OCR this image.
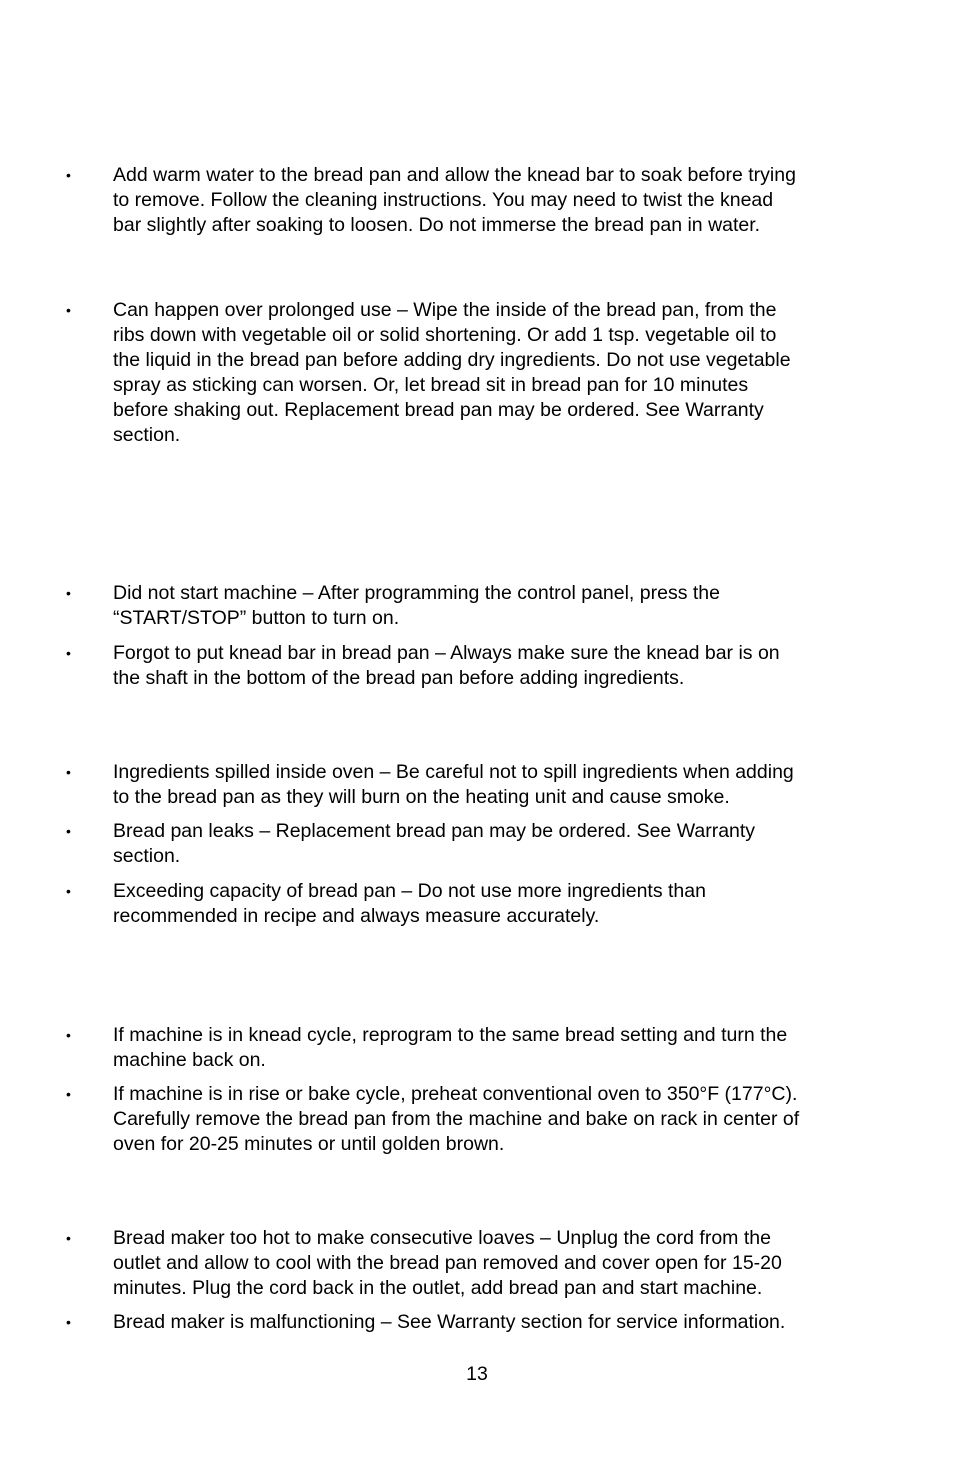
• Add warm water to the bread pan and allow the knead bar to soak before trying
to remove. Follow the cleaning instructions. You may need to twist the knead
bar slightly after soaking to loosen. Do not immerse the bread pan in water.
• Can happen over prolonged use – Wipe the inside of the bread pan, from the
ribs down with vegetable oil or solid shortening. Or add 1 tsp. vegetable oil to
the liquid in the bread pan before adding dry ingredients. Do not use vegetable
spray as sticking can worsen. Or, let bread sit in bread pan for 10 minutes
before shaking out. Replacement bread pan may be ordered. See Warranty
section.
• Did not start machine – After programming the control panel, press the
“START/STOP” button to turn on.
• Forgot to put knead bar in bread pan – Always make sure the knead bar is on
the shaft in the bottom of the bread pan before adding ingredients.
• Ingredients spilled inside oven – Be careful not to spill ingredients when adding
to the bread pan as they will burn on the heating unit and cause smoke.
• Bread pan leaks – Replacement bread pan may be ordered. See Warranty
section.
• Exceeding capacity of bread pan – Do not use more ingredients than
recommended in recipe and always measure accurately.
• If machine is in knead cycle, reprogram to the same bread setting and turn the
machine back on.
• If machine is in rise or bake cycle, preheat conventional oven to 350°F (177°C).
Carefully remove the bread pan from the machine and bake on rack in center of
oven for 20-25 minutes or until golden brown.
• Bread maker too hot to make consecutive loaves – Unplug the cord from the
outlet and allow to cool with the bread pan removed and cover open for 15-20
minutes. Plug the cord back in the outlet, add bread pan and start machine.
• Bread maker is malfunctioning – See Warranty section for service information.
13
